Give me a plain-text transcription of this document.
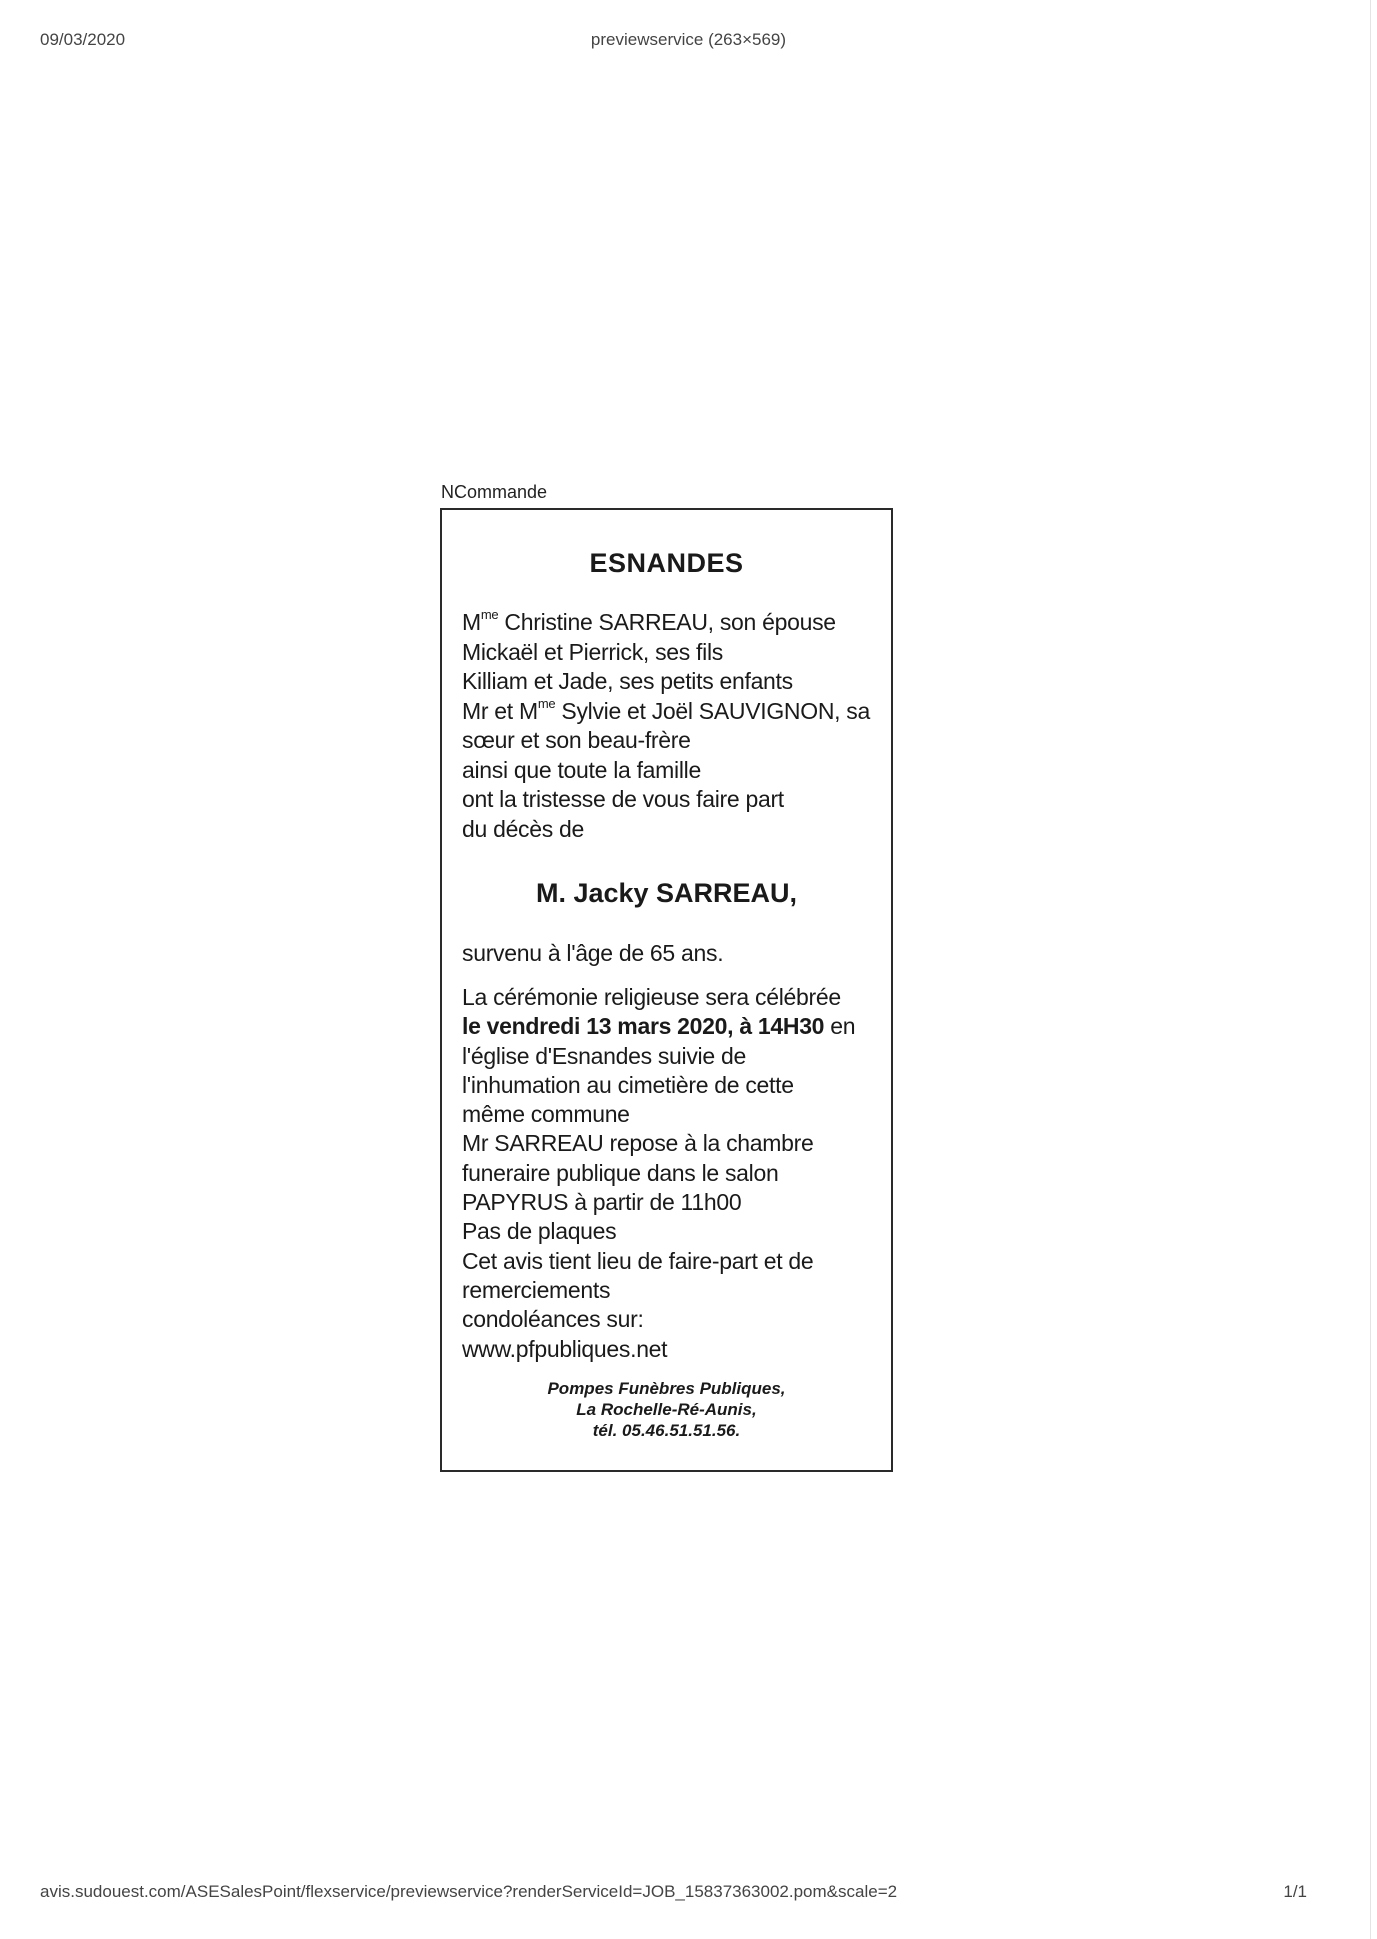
09/03/2020	previewservice (263×569)
NCommande
ESNANDES
$M^{me}$ Christine SARREAU, son épouse
Mickaël et Pierrick, ses fils
Killiam et Jade, ses petits enfants
Mr et $M^{me}$ Sylvie et Joël SAUVIGNON, sa
sœur et son beau-frère
ainsi que toute la famille
ont la tristesse de vous faire part
du décès de
M. Jacky SARREAU,
survenu à l'âge de 65 ans.
La cérémonie religieuse sera célébrée
le vendredi 13 mars 2020, à 14H30 en
l'église d'Esnandes suivie de
l'inhumation au cimetière de cette
même commune
Mr SARREAU repose à la chambre
funeraire publique dans le salon
PAPYRUS à partir de 11h00
Pas de plaques
Cet avis tient lieu de faire-part et de
remerciements
condoléances sur:
www.pfpubliques.net
Pompes Funèbres Publiques,
La Rochelle-Ré-Aunis,
tél. 05.46.51.51.56.
avis.sudouest.com/ASESalesPoint/flexservice/previewservice?renderServiceId=JOB_15837363002.pom&scale=2	1/1
